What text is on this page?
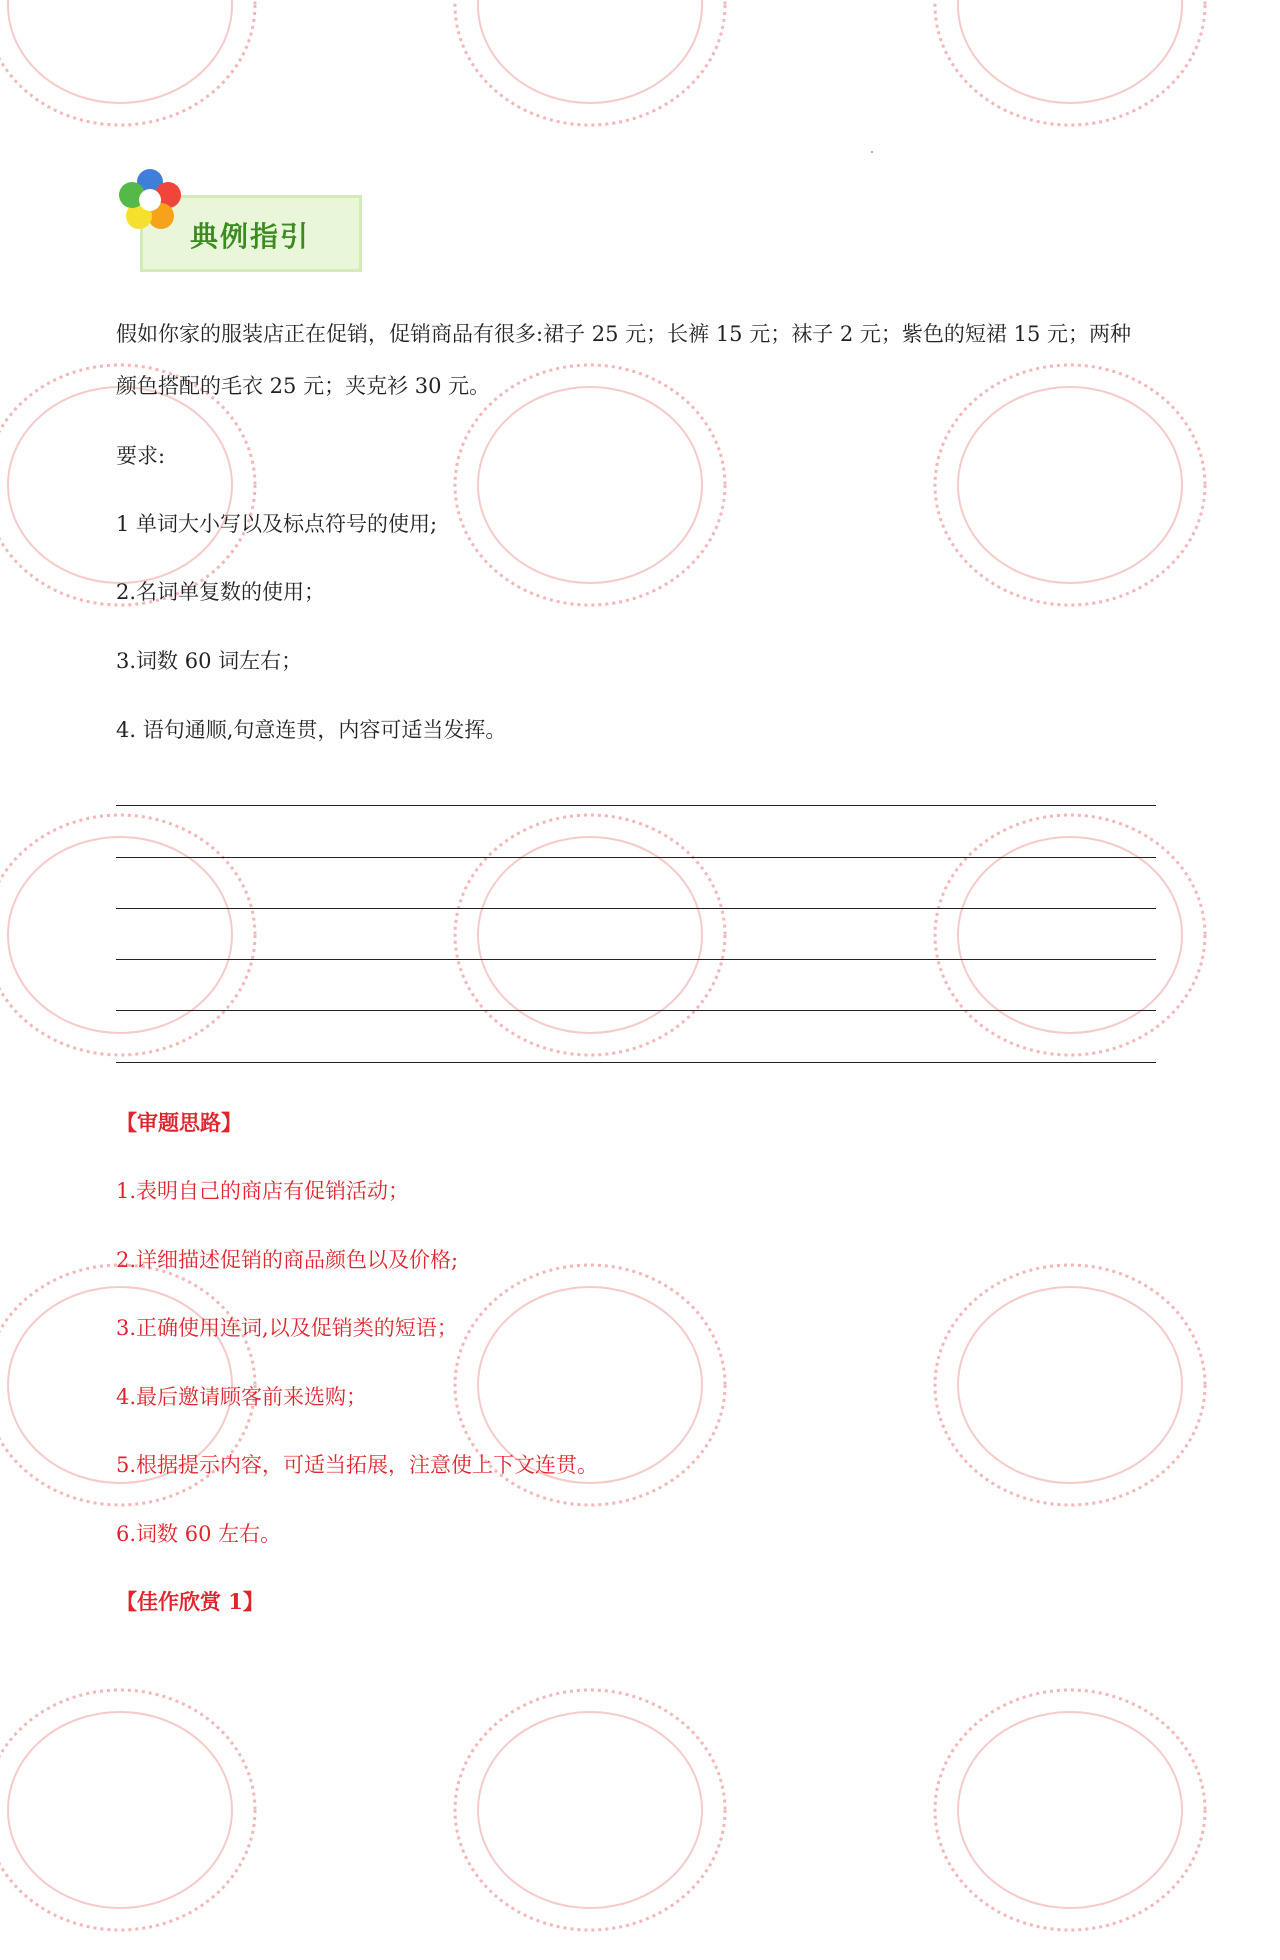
典例指引
假如你家的服装店正在促销，促销商品有很多:裙子 25 元；长裤 15 元；袜子 2 元；紫色的短裙 15 元；两种
颜色搭配的毛衣 25 元；夹克衫 30 元。
要求:
1 单词大小写以及标点符号的使用;
2.名词单复数的使用；
3.词数 60 词左右；
4. 语句通顺,句意连贯，内容可适当发挥。
【审题思路】
1.表明自己的商店有促销活动；
2.详细描述促销的商品颜色以及价格;
3.正确使用连词,以及促销类的短语；
4.最后邀请顾客前来选购；
5.根据提示内容，可适当拓展，注意使上下文连贯。
6.词数 60 左右。
【佳作欣赏 1】
